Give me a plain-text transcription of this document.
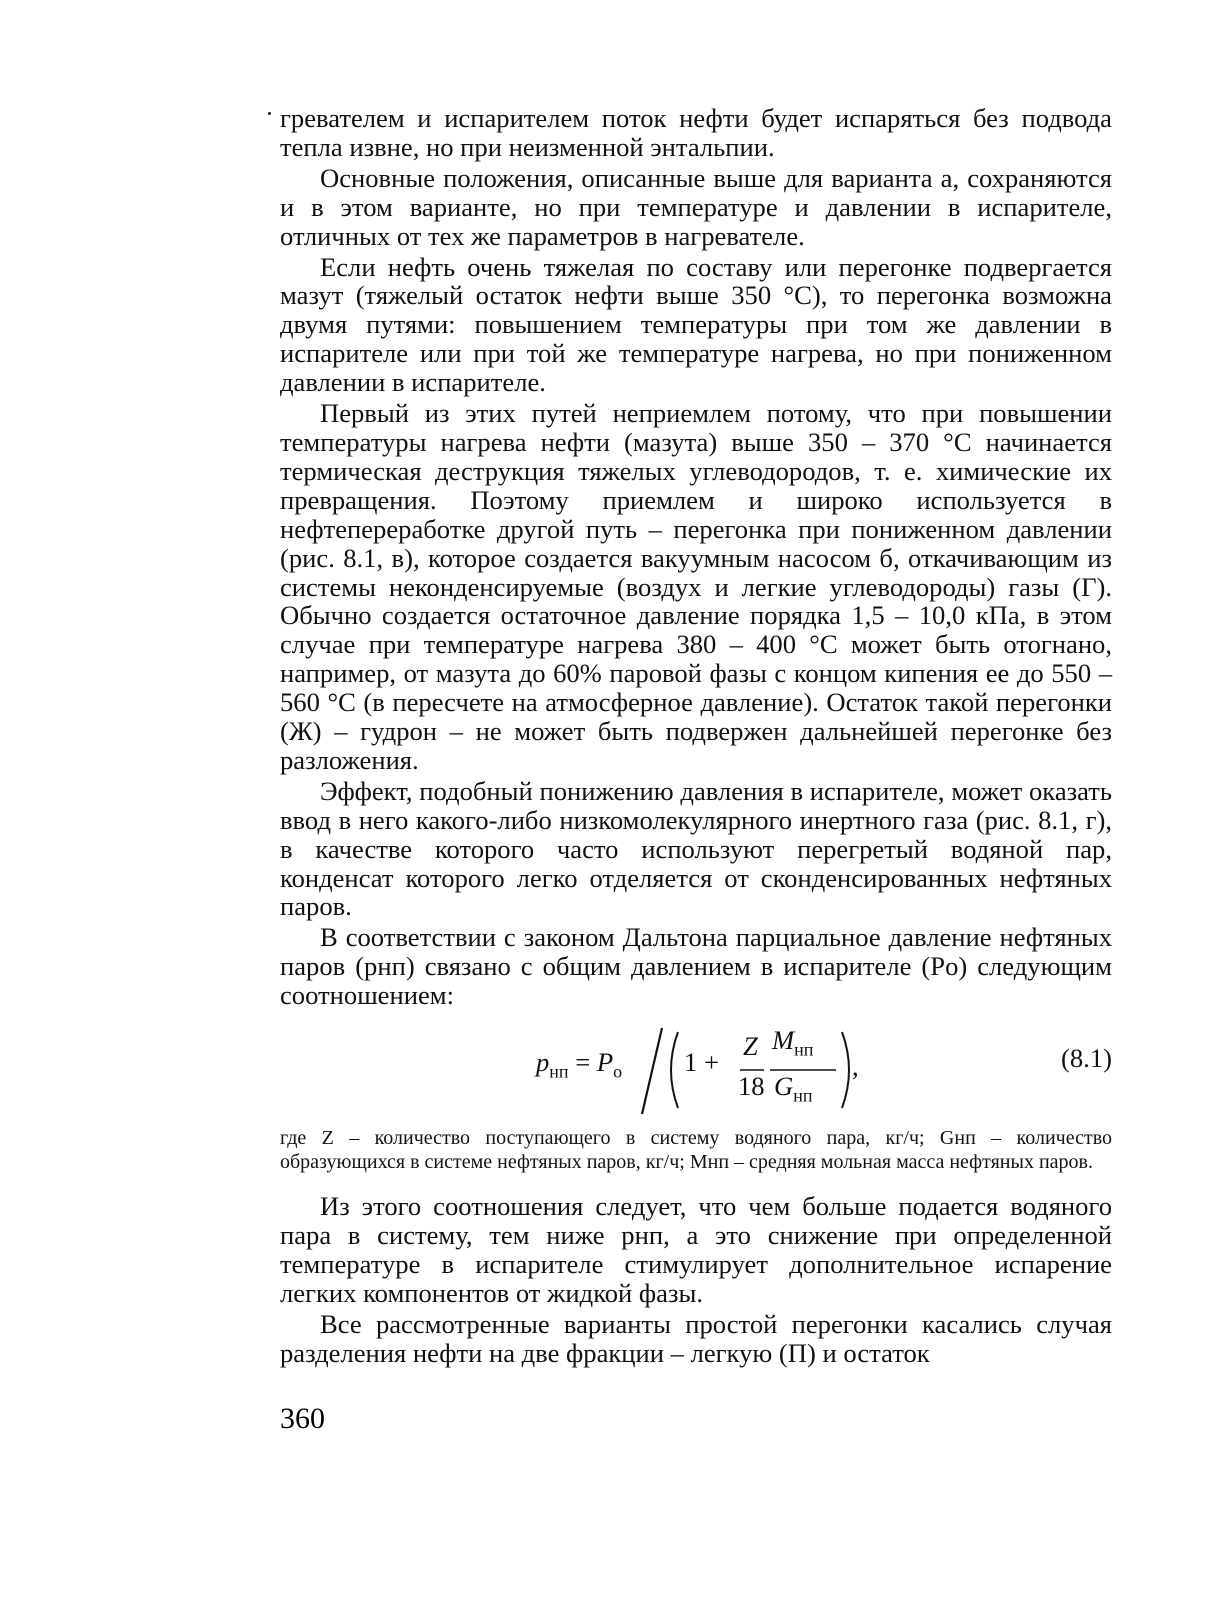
гревателем и испарителем поток нефти будет испаряться без подвода тепла извне, но при неизменной энтальпии.

Основные положения, описанные выше для варианта а, сохраняются и в этом варианте, но при температуре и давлении в испарителе, отличных от тех же параметров в нагревателе.

Если нефть очень тяжелая по составу или перегонке подвергается мазут (тяжелый остаток нефти выше 350 °С), то перегонка возможна двумя путями: повышением температуры при том же давлении в испарителе или при той же температуре нагрева, но при пониженном давлении в испарителе.

Первый из этих путей неприемлем потому, что при повышении температуры нагрева нефти (мазута) выше 350 – 370 °С начинается термическая деструкция тяжелых углеводородов, т. е. химические их превращения. Поэтому приемлем и широко используется в нефтепереработке другой путь – перегонка при пониженном давлении (рис. 8.1, в), которое создается вакуумным насосом б, откачивающим из системы неконденсируемые (воздух и легкие углеводороды) газы (Г). Обычно создается остаточное давление порядка 1,5 – 10,0 кПа, в этом случае при температуре нагрева 380 – 400 °С может быть отогнано, например, от мазута до 60% паровой фазы с концом кипения ее до 550 – 560 °С (в пересчете на атмосферное давление). Остаток такой перегонки (Ж) – гудрон – не может быть подвержен дальнейшей перегонке без разложения.

Эффект, подобный понижению давления в испарителе, может оказать ввод в него какого-либо низкомолекулярного инертного газа (рис. 8.1, г), в качестве которого часто используют перегретый водяной пар, конденсат которого легко отделяется от сконденсированных нефтяных паров.

В соответствии с законом Дальтона парциальное давление нефтяных паров (pнп) связано с общим давлением в испарителе (Pо) следующим соотношением:

$p_{нп} = P_о$ 1 +
Z
18
$M_{нп}$
$G_{нп}$
,	(8.1)

где Z – количество поступающего в систему водяного пара, кг/ч; Gнп – количество образующихся в системе нефтяных паров, кг/ч; Mнп – средняя мольная масса нефтяных паров.

Из этого соотношения следует, что чем больше подается водяного пара в систему, тем ниже pнп, а это снижение при определенной температуре в испарителе стимулирует дополнительное испарение легких компонентов от жидкой фазы.

Все рассмотренные варианты простой перегонки касались случая разделения нефти на две фракции – легкую (П) и остаток

360
